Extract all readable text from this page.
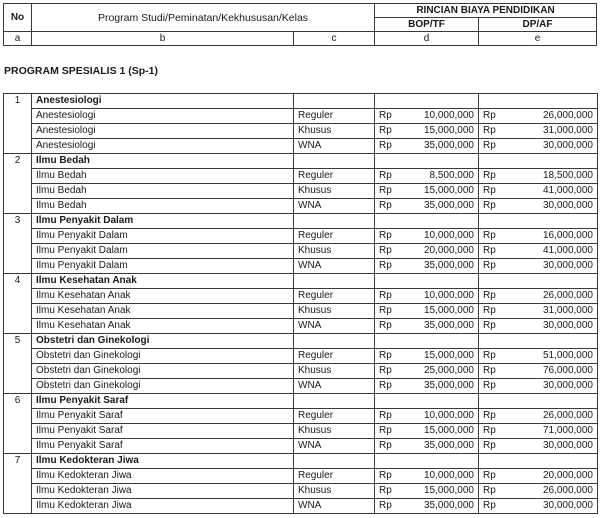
No	Program Studi/Peminatan/Kekhususan/Kelas		RINCIAN BIAYA PENDIDIKAN	
			BOP/TF	DP/AF
a	b	c	d	e
PROGRAM SPESIALIS 1 (Sp-1)
1	Anestesiologi					
	Anestesiologi	Reguler	Rp	10,000,000	Rp	26,000,000
	Anestesiologi	Khusus	Rp	15,000,000	Rp	31,000,000
	Anestesiologi	WNA	Rp	35,000,000	Rp	30,000,000
2	Ilmu Bedah					
	Ilmu Bedah	Reguler	Rp	8,500,000	Rp	18,500,000
	Ilmu Bedah	Khusus	Rp	15,000,000	Rp	41,000,000
	Ilmu Bedah	WNA	Rp	35,000,000	Rp	30,000,000
3	Ilmu Penyakit Dalam					
	Ilmu Penyakit Dalam	Reguler	Rp	10,000,000	Rp	16,000,000
	Ilmu Penyakit Dalam	Khusus	Rp	20,000,000	Rp	41,000,000
	Ilmu Penyakit Dalam	WNA	Rp	35,000,000	Rp	30,000,000
4	Ilmu Kesehatan Anak					
	Ilmu Kesehatan Anak	Reguler	Rp	10,000,000	Rp	26,000,000
	Ilmu Kesehatan Anak	Khusus	Rp	15,000,000	Rp	31,000,000
	Ilmu Kesehatan Anak	WNA	Rp	35,000,000	Rp	30,000,000
5	Obstetri dan Ginekologi					
	Obstetri dan Ginekologi	Reguler	Rp	15,000,000	Rp	51,000,000
	Obstetri dan Ginekologi	Khusus	Rp	25,000,000	Rp	76,000,000
	Obstetri dan Ginekologi	WNA	Rp	35,000,000	Rp	30,000,000
6	Ilmu Penyakit Saraf					
	Ilmu Penyakit Saraf	Reguler	Rp	10,000,000	Rp	26,000,000
	Ilmu Penyakit Saraf	Khusus	Rp	15,000,000	Rp	71,000,000
	Ilmu Penyakit Saraf	WNA	Rp	35,000,000	Rp	30,000,000
7	Ilmu Kedokteran Jiwa					
	Ilmu Kedokteran Jiwa	Reguler	Rp	10,000,000	Rp	20,000,000
	Ilmu Kedokteran Jiwa	Khusus	Rp	15,000,000	Rp	26,000,000
	Ilmu Kedokteran Jiwa	WNA	Rp	35,000,000	Rp	30,000,000
